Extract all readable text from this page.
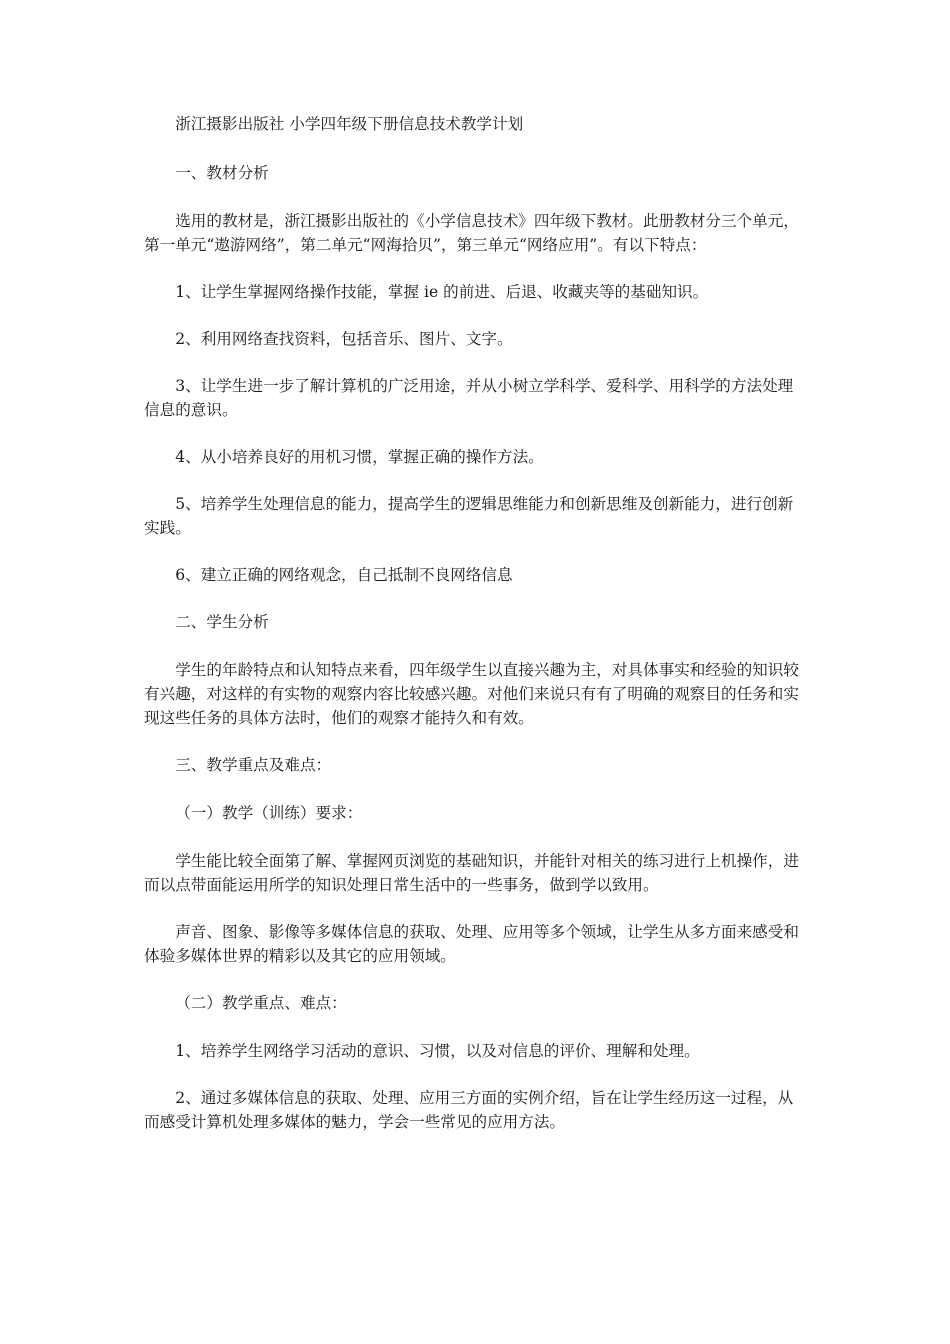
浙江摄影出版社 小学四年级下册信息技术教学计划

一、教材分析

选用的教材是，浙江摄影出版社的《小学信息技术》四年级下教材。此册教材分三个单元，第一单元“遨游网络”，第二单元“网海拾贝”，第三单元“网络应用”。有以下特点：

1、让学生掌握网络操作技能，掌握 ie 的前进、后退、收藏夹等的基础知识。

2、利用网络查找资料，包括音乐、图片、文字。

3、让学生进一步了解计算机的广泛用途，并从小树立学科学、爱科学、用科学的方法处理信息的意识。

4、从小培养良好的用机习惯，掌握正确的操作方法。

5、培养学生处理信息的能力，提高学生的逻辑思维能力和创新思维及创新能力，进行创新实践。

6、建立正确的网络观念，自己抵制不良网络信息

二、学生分析

学生的年龄特点和认知特点来看，四年级学生以直接兴趣为主，对具体事实和经验的知识较有兴趣，对这样的有实物的观察内容比较感兴趣。对他们来说只有有了明确的观察目的任务和实现这些任务的具体方法时，他们的观察才能持久和有效。

三、教学重点及难点：

（一）教学（训练）要求：

学生能比较全面第了解、掌握网页浏览的基础知识，并能针对相关的练习进行上机操作，进而以点带面能运用所学的知识处理日常生活中的一些事务，做到学以致用。

声音、图象、影像等多媒体信息的获取、处理、应用等多个领域，让学生从多方面来感受和体验多媒体世界的精彩以及其它的应用领域。

（二）教学重点、难点：

1、培养学生网络学习活动的意识、习惯，以及对信息的评价、理解和处理。

2、通过多媒体信息的获取、处理、应用三方面的实例介绍，旨在让学生经历这一过程，从而感受计算机处理多媒体的魅力，学会一些常见的应用方法。
